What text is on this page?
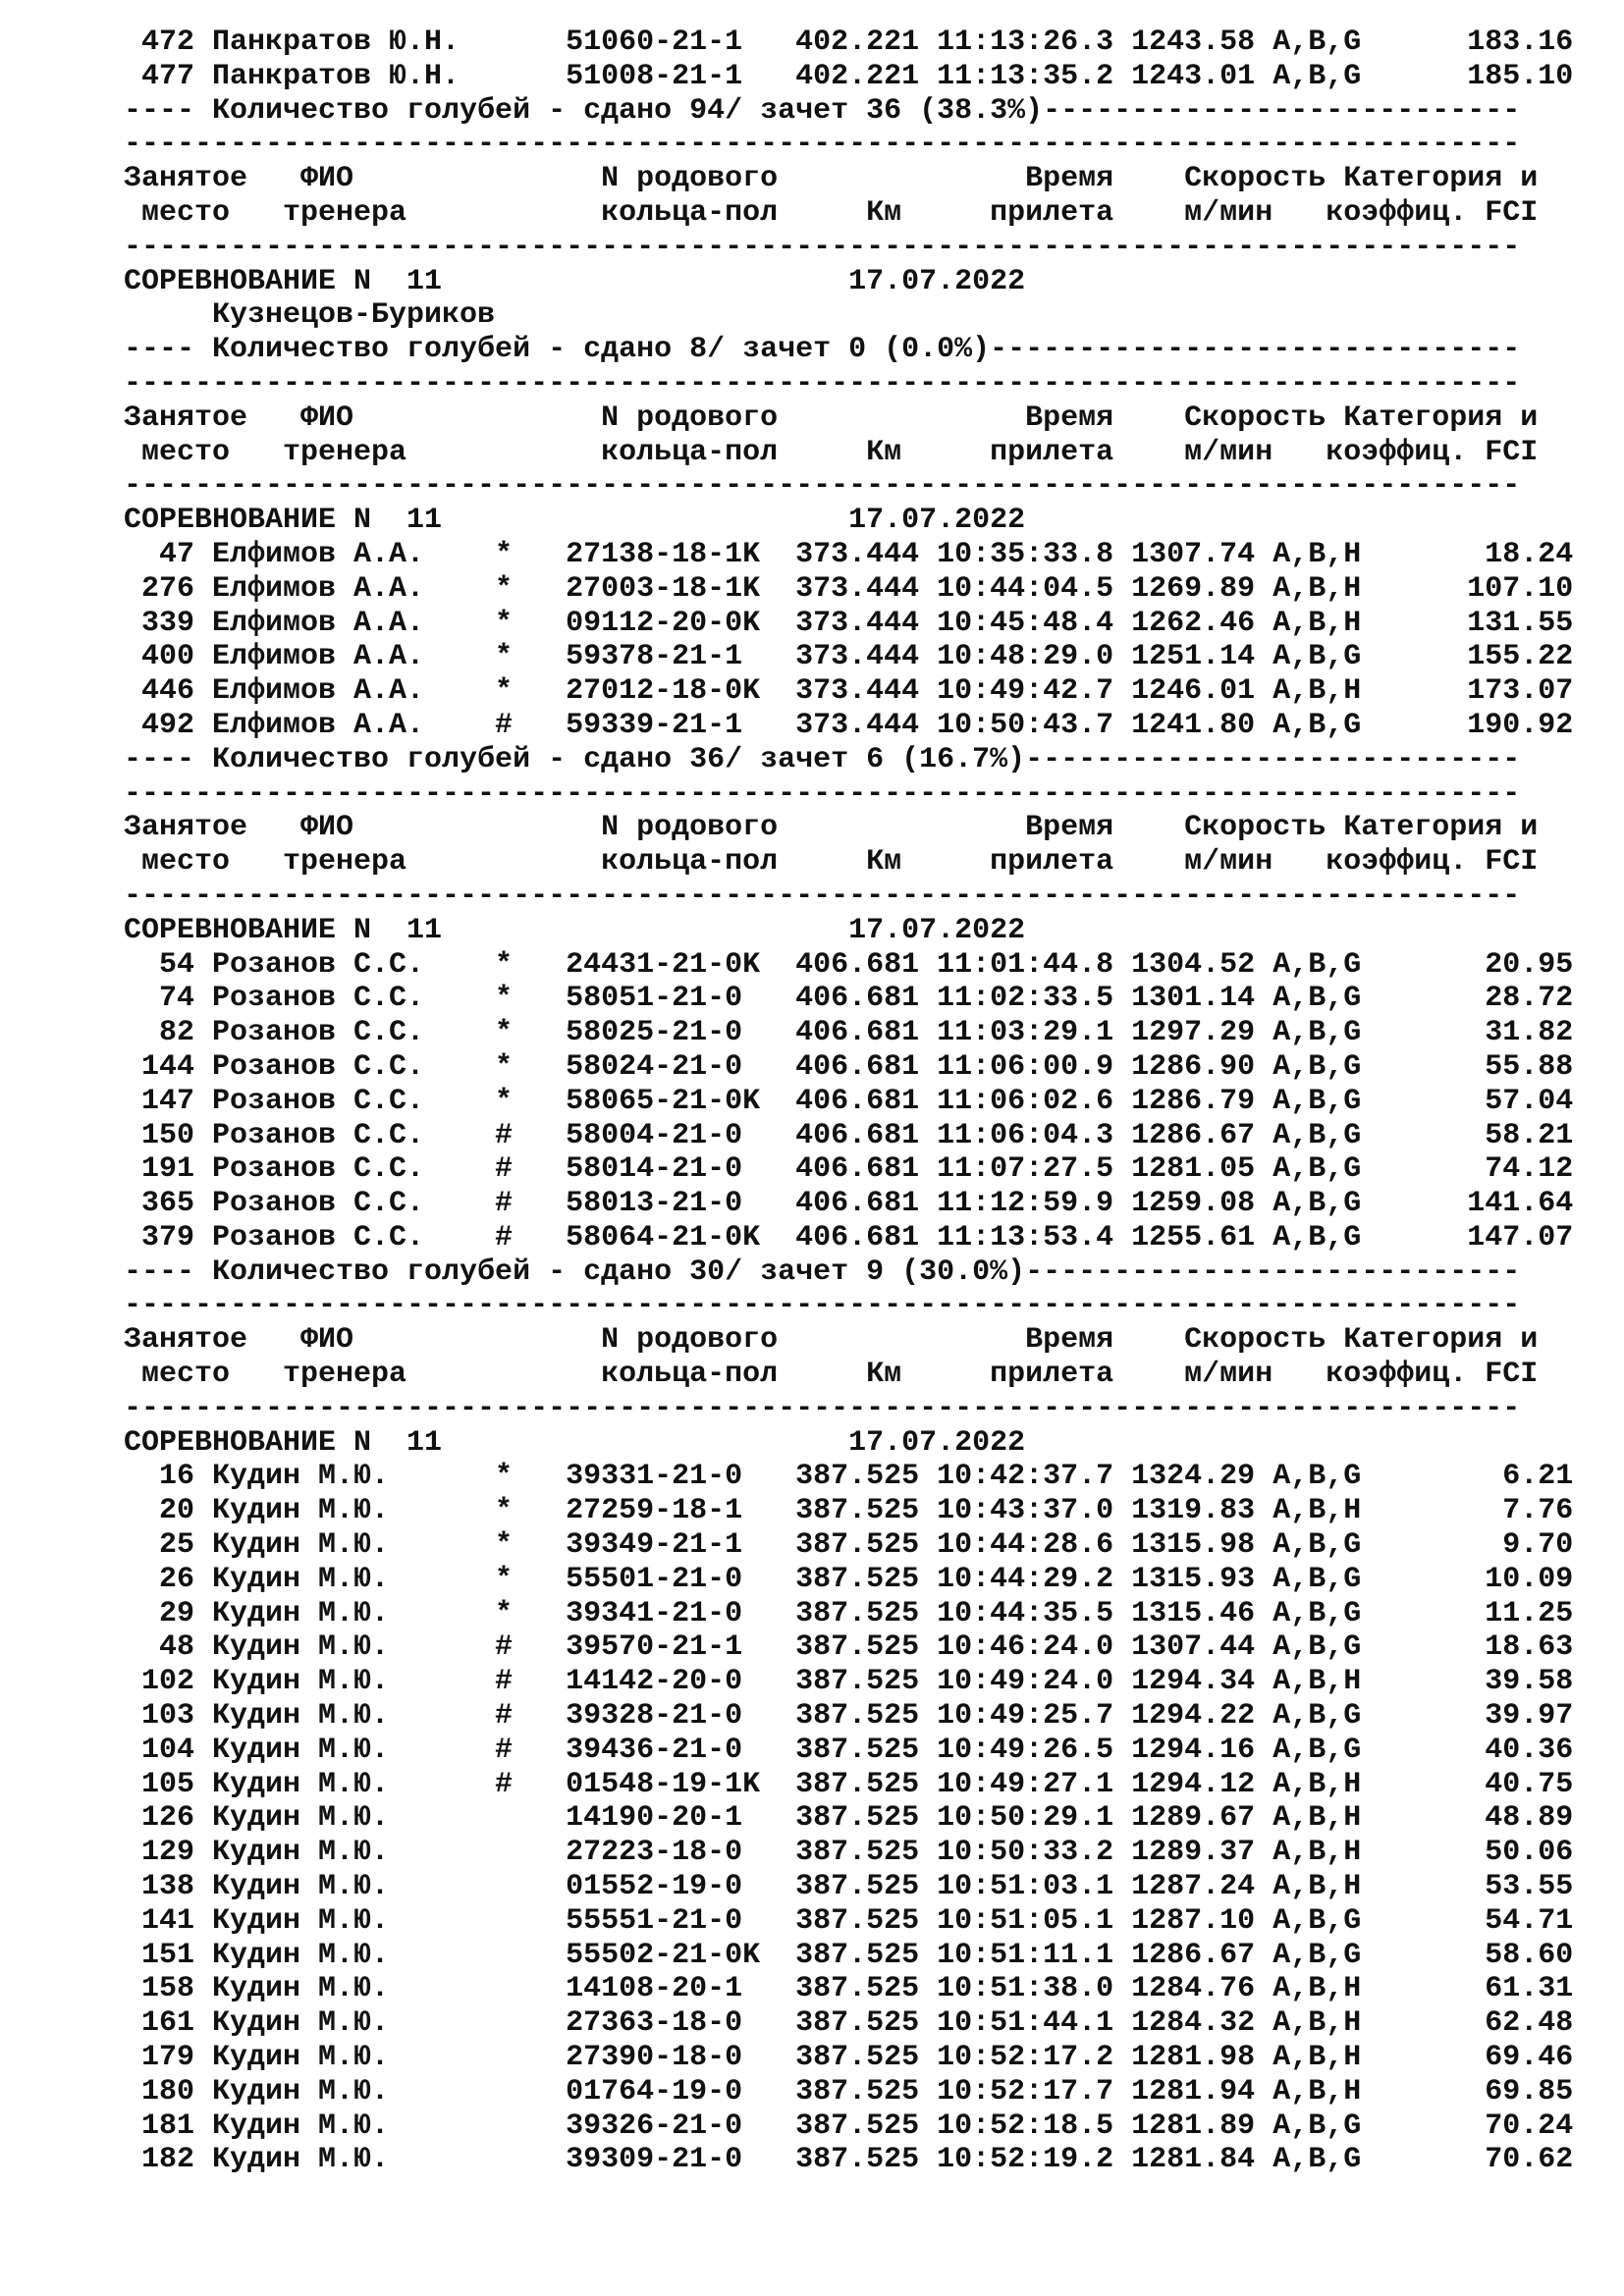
472 Панкратов Ю.Н.      51060-21-1   402.221 11:13:26.3 1243.58 A,B,G      183.16
477 Панкратов Ю.Н.      51008-21-1   402.221 11:13:35.2 1243.01 A,B,G      185.10
---- Количество голубей - сдано 94/ зачет 36 (38.3%)---------------------------
-------------------------------------------------------------------------------
Занятое   ФИО              N родового              Время    Скорость Категория и
место   тренера           кольца-пол     Км     прилета    м/мин   коэффиц. FCI
-------------------------------------------------------------------------------
СОРЕВНОВАНИЕ N  11                       17.07.2022
Кузнецов-Буриков
---- Количество голубей - сдано 8/ зачет 0 (0.0%)------------------------------
-------------------------------------------------------------------------------
Занятое   ФИО              N родового              Время    Скорость Категория и
место   тренера           кольца-пол     Км     прилета    м/мин   коэффиц. FCI
-------------------------------------------------------------------------------
СОРЕВНОВАНИЕ N  11                       17.07.2022
47 Елфимов А.А.    *   27138-18-1K  373.444 10:35:33.8 1307.74 A,B,H       18.24
276 Елфимов А.А.    *   27003-18-1K  373.444 10:44:04.5 1269.89 A,B,H      107.10
339 Елфимов А.А.    *   09112-20-0K  373.444 10:45:48.4 1262.46 A,B,H      131.55
400 Елфимов А.А.    *   59378-21-1   373.444 10:48:29.0 1251.14 A,B,G      155.22
446 Елфимов А.А.    *   27012-18-0K  373.444 10:49:42.7 1246.01 A,B,H      173.07
492 Елфимов А.А.    #   59339-21-1   373.444 10:50:43.7 1241.80 A,B,G      190.92
---- Количество голубей - сдано 36/ зачет 6 (16.7%)----------------------------
-------------------------------------------------------------------------------
Занятое   ФИО              N родового              Время    Скорость Категория и
место   тренера           кольца-пол     Км     прилета    м/мин   коэффиц. FCI
-------------------------------------------------------------------------------
СОРЕВНОВАНИЕ N  11                       17.07.2022
54 Розанов С.С.    *   24431-21-0K  406.681 11:01:44.8 1304.52 A,B,G       20.95
74 Розанов С.С.    *   58051-21-0   406.681 11:02:33.5 1301.14 A,B,G       28.72
82 Розанов С.С.    *   58025-21-0   406.681 11:03:29.1 1297.29 A,B,G       31.82
144 Розанов С.С.    *   58024-21-0   406.681 11:06:00.9 1286.90 A,B,G       55.88
147 Розанов С.С.    *   58065-21-0K  406.681 11:06:02.6 1286.79 A,B,G       57.04
150 Розанов С.С.    #   58004-21-0   406.681 11:06:04.3 1286.67 A,B,G       58.21
191 Розанов С.С.    #   58014-21-0   406.681 11:07:27.5 1281.05 A,B,G       74.12
365 Розанов С.С.    #   58013-21-0   406.681 11:12:59.9 1259.08 A,B,G      141.64
379 Розанов С.С.    #   58064-21-0K  406.681 11:13:53.4 1255.61 A,B,G      147.07
---- Количество голубей - сдано 30/ зачет 9 (30.0%)----------------------------
-------------------------------------------------------------------------------
Занятое   ФИО              N родового              Время    Скорость Категория и
место   тренера           кольца-пол     Км     прилета    м/мин   коэффиц. FCI
-------------------------------------------------------------------------------
СОРЕВНОВАНИЕ N  11                       17.07.2022
16 Кудин М.Ю.      *   39331-21-0   387.525 10:42:37.7 1324.29 A,B,G        6.21
20 Кудин М.Ю.      *   27259-18-1   387.525 10:43:37.0 1319.83 A,B,H        7.76
25 Кудин М.Ю.      *   39349-21-1   387.525 10:44:28.6 1315.98 A,B,G        9.70
26 Кудин М.Ю.      *   55501-21-0   387.525 10:44:29.2 1315.93 A,B,G       10.09
29 Кудин М.Ю.      *   39341-21-0   387.525 10:44:35.5 1315.46 A,B,G       11.25
48 Кудин М.Ю.      #   39570-21-1   387.525 10:46:24.0 1307.44 A,B,G       18.63
102 Кудин М.Ю.      #   14142-20-0   387.525 10:49:24.0 1294.34 A,B,H       39.58
103 Кудин М.Ю.      #   39328-21-0   387.525 10:49:25.7 1294.22 A,B,G       39.97
104 Кудин М.Ю.      #   39436-21-0   387.525 10:49:26.5 1294.16 A,B,G       40.36
105 Кудин М.Ю.      #   01548-19-1K  387.525 10:49:27.1 1294.12 A,B,H       40.75
126 Кудин М.Ю.          14190-20-1   387.525 10:50:29.1 1289.67 A,B,H       48.89
129 Кудин М.Ю.          27223-18-0   387.525 10:50:33.2 1289.37 A,B,H       50.06
138 Кудин М.Ю.          01552-19-0   387.525 10:51:03.1 1287.24 A,B,H       53.55
141 Кудин М.Ю.          55551-21-0   387.525 10:51:05.1 1287.10 A,B,G       54.71
151 Кудин М.Ю.          55502-21-0K  387.525 10:51:11.1 1286.67 A,B,G       58.60
158 Кудин М.Ю.          14108-20-1   387.525 10:51:38.0 1284.76 A,B,H       61.31
161 Кудин М.Ю.          27363-18-0   387.525 10:51:44.1 1284.32 A,B,H       62.48
179 Кудин М.Ю.          27390-18-0   387.525 10:52:17.2 1281.98 A,B,H       69.46
180 Кудин М.Ю.          01764-19-0   387.525 10:52:17.7 1281.94 A,B,H       69.85
181 Кудин М.Ю.          39326-21-0   387.525 10:52:18.5 1281.89 A,B,G       70.24
182 Кудин М.Ю.          39309-21-0   387.525 10:52:19.2 1281.84 A,B,G       70.62
